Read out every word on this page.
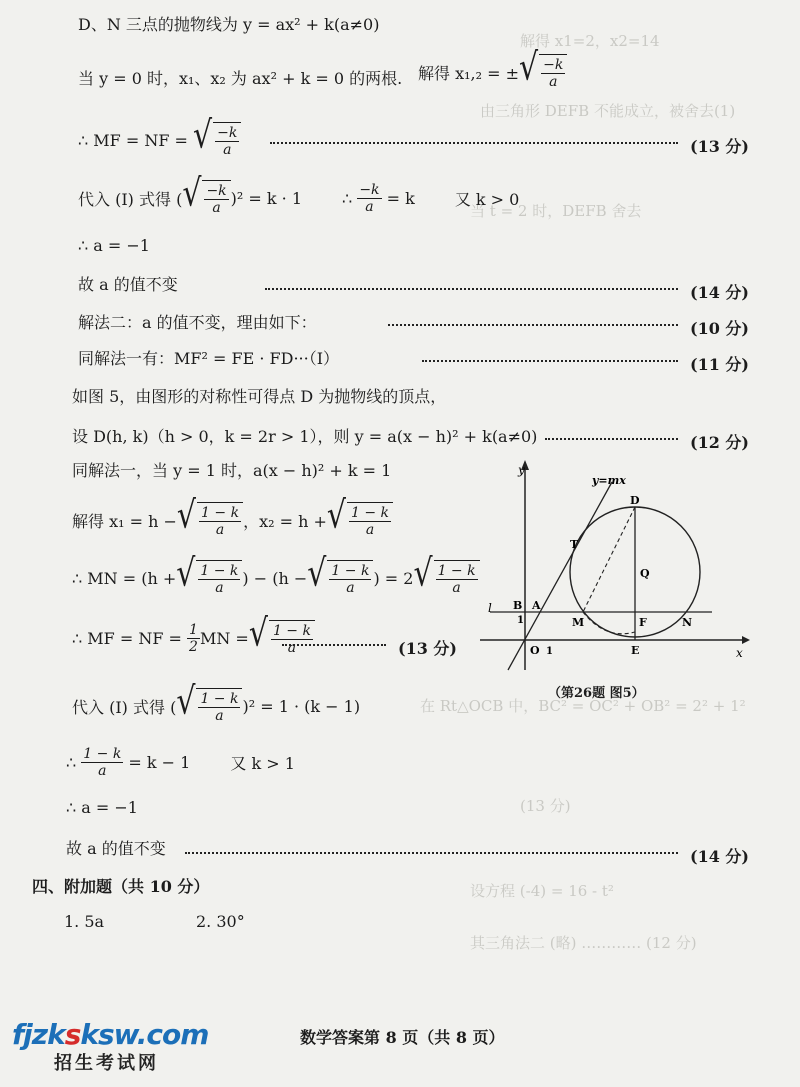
解得 x1=2，x2=14
由三角形 DEFB 不能成立，被舍去(1)
当 t = 2 时，DEFB 舍去
在 Rt△OCB 中，BC² = OC² + OB² = 2² + 1²
(13 分)
设方程 (-4) = 16 - t²
其三角法二 (略) ………… (12 分)
D、N 三点的抛物线为 y = ax² + k(a≠0)
当 y = 0 时，x₁、x₂ 为 ax² + k = 0 的两根. 解得 x₁,₂ = ± √ $\frac{-k}{a}$
∴ MF = NF =
√ $\frac{-k}{a}$	(13 分)
代入 (I) 式得 ( √ $\frac{-k}{a} )^2 = k \cdot 1$	∴
$\frac{-k}{a}$
= k	又 k > 0
∴ a = −1
故 a 的值不变	(14 分)
解法二：a 的值不变，理由如下：	(10 分)
同解法一有：MF² = FE · FD···（I）	(11 分)
如图 5，由图形的对称性可得点 D 为抛物线的顶点，
设 D(h, k)（h > 0，k = 2r > 1），则 y = a(x − h)² + k(a≠0)	(12 分)
同解法一，当 y = 1 时，a(x − h)² + k = 1
解得 x₁ = h − √ $\frac{1 - k}{a}$ ，x₂ = h + √ $\frac{1 - k}{a}$
∴ MN = (h + √ $\frac{1 - k}{a}$ ) − (h − √ $\frac{1 - k}{a}$ ) = 2 √ $\frac{1 - k}{a}$
∴ MF = NF =
$\frac{1}{2}$ MN = √ $\frac{1 - k}{a}$	(13 分)
代入 (I) 式得 ( √ $\frac{1 - k}{a} )^2 = 1 \cdot (k - 1)$
∴
$\frac{1 - k}{a}$
= k − 1	又 k > 1
∴ a = −1
故 a 的值不变	(14 分)
四、附加题（共 10 分）
1. 5a	2. 30°
y
x
y=mx
D
T
Q
B A
l
1	M	F	N
O 1	E
（第26题 图5）
数学答案第 8 页（共 8 页）
fjzksksw.com
招生考试网
